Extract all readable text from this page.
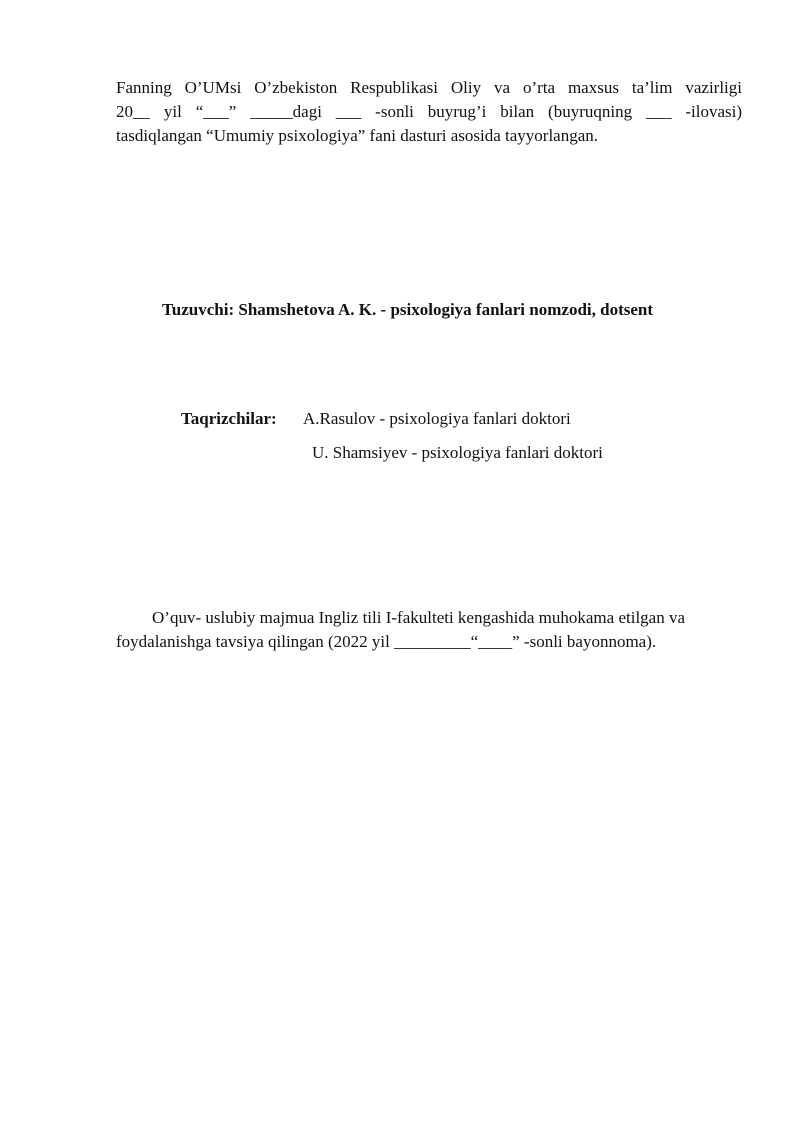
Fanning O’UMsi O’zbekiston Respublikasi Oliy va o’rta maxsus ta’lim vazirligi
20__ yil “___” _____dagi ___ -sonli buyrug’i bilan (buyruqning ___ -ilovasi)
tasdiqlangan “Umumiy psixologiya” fani dasturi asosida tayyorlangan.
Tuzuvchi: Shamshetova A. K. - psixologiya fanlari nomzodi, dotsent
Taqrizchilar:	A.Rasulov - psixologiya fanlari doktori
U. Shamsiyev - psixologiya fanlari doktori
O’quv- uslubiy majmua Ingliz tili I-fakulteti kengashida muhokama etilgan va
foydalanishga tavsiya qilingan (2022 yil _________“____” -sonli bayonnoma).
